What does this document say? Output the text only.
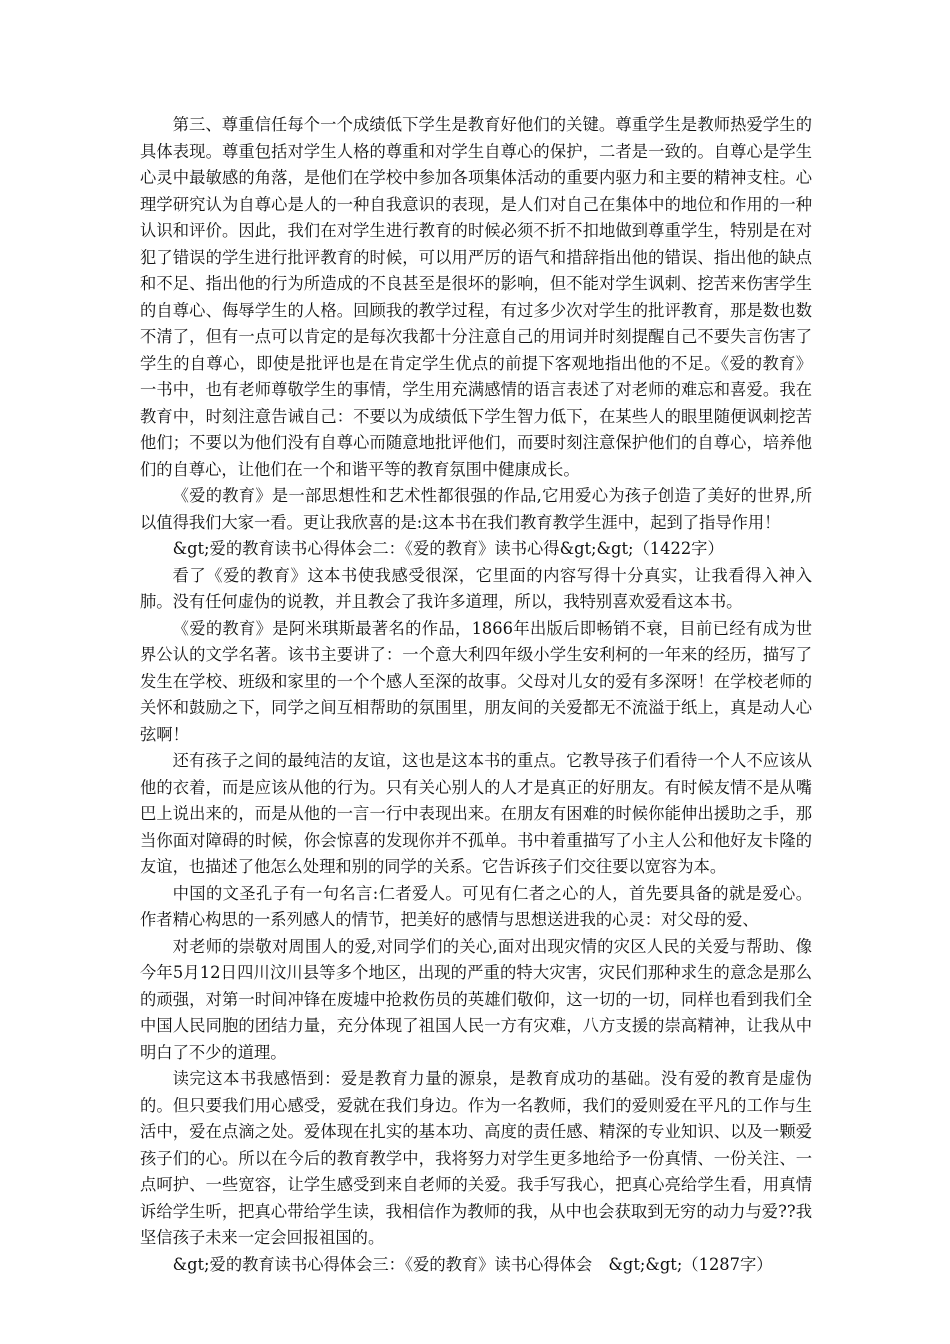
第三、尊重信任每个一个成绩低下学生是教育好他们的关键。尊重学生是教师热爱学生的具体表现。尊重包括对学生人格的尊重和对学生自尊心的保护，二者是一致的。自尊心是学生心灵中最敏感的角落，是他们在学校中参加各项集体活动的重要内驱力和主要的精神支柱。心理学研究认为自尊心是人的一种自我意识的表现，是人们对自己在集体中的地位和作用的一种认识和评价。因此，我们在对学生进行教育的时候必须不折不扣地做到尊重学生，特别是在对犯了错误的学生进行批评教育的时候，可以用严厉的语气和措辞指出他的错误、指出他的缺点和不足、指出他的行为所造成的不良甚至是很坏的影响，但不能对学生讽刺、挖苦来伤害学生的自尊心、侮辱学生的人格。回顾我的教学过程，有过多少次对学生的批评教育，那是数也数不清了，但有一点可以肯定的是每次我都十分注意自己的用词并时刻提醒自己不要失言伤害了学生的自尊心，即使是批评也是在肯定学生优点的前提下客观地指出他的不足。《爱的教育》一书中，也有老师尊敬学生的事情，学生用充满感情的语言表述了对老师的难忘和喜爱。我在教育中，时刻注意告诫自己：不要以为成绩低下学生智力低下，在某些人的眼里随便讽刺挖苦他们；不要以为他们没有自尊心而随意地批评他们，而要时刻注意保护他们的自尊心，培养他们的自尊心，让他们在一个和谐平等的教育氛围中健康成长。

《爱的教育》是一部思想性和艺术性都很强的作品,它用爱心为孩子创造了美好的世界,所以值得我们大家一看。更让我欣喜的是:这本书在我们教育教学生涯中，起到了指导作用！

&gt;爱的教育读书心得体会二：《爱的教育》读书心得&gt;&gt;（1422字）

看了《爱的教育》这本书使我感受很深，它里面的内容写得十分真实，让我看得入神入肺。没有任何虚伪的说教，并且教会了我许多道理，所以，我特别喜欢爱看这本书。

《爱的教育》是阿米琪斯最著名的作品，1866年出版后即畅销不衰，目前已经有成为世界公认的文学名著。该书主要讲了：一个意大利四年级小学生安利柯的一年来的经历，描写了发生在学校、班级和家里的一个个感人至深的故事。父母对儿女的爱有多深呀！在学校老师的关怀和鼓励之下，同学之间互相帮助的氛围里，朋友间的关爱都无不流溢于纸上，真是动人心弦啊！

还有孩子之间的最纯洁的友谊，这也是这本书的重点。它教导孩子们看待一个人不应该从他的衣着，而是应该从他的行为。只有关心别人的人才是真正的好朋友。有时候友情不是从嘴巴上说出来的，而是从他的一言一行中表现出来。在朋友有困难的时候你能伸出援助之手，那当你面对障碍的时候，你会惊喜的发现你并不孤单。书中着重描写了小主人公和他好友卡隆的友谊，也描述了他怎么处理和别的同学的关系。它告诉孩子们交往要以宽容为本。

中国的文圣孔子有一句名言:仁者爱人。可见有仁者之心的人，首先要具备的就是爱心。作者精心构思的一系列感人的情节，把美好的感情与思想送进我的心灵：对父母的爱、

对老师的崇敬对周围人的爱,对同学们的关心,面对出现灾情的灾区人民的关爱与帮助、像今年5月12日四川汶川县等多个地区，出现的严重的特大灾害，灾民们那种求生的意念是那么的顽强，对第一时间冲锋在废墟中抢救伤员的英雄们敬仰，这一切的一切，同样也看到我们全中国人民同胞的团结力量，充分体现了祖国人民一方有灾难，八方支援的崇高精神，让我从中明白了不少的道理。

读完这本书我感悟到：爱是教育力量的源泉，是教育成功的基础。没有爱的教育是虚伪的。但只要我们用心感受，爱就在我们身边。作为一名教师，我们的爱则爱在平凡的工作与生活中，爱在点滴之处。爱体现在扎实的基本功、高度的责任感、精深的专业知识、以及一颗爱孩子们的心。所以在今后的教育教学中，我将努力对学生更多地给予一份真情、一份关注、一点呵护、一些宽容，让学生感受到来自老师的关爱。我手写我心，把真心亮给学生看，用真情诉给学生听，把真心带给学生读，我相信作为教师的我，从中也会获取到无穷的动力与爱??我坚信孩子未来一定会回报祖国的。

&gt;爱的教育读书心得体会三：《爱的教育》读书心得体会　&gt;&gt;（1287字）
